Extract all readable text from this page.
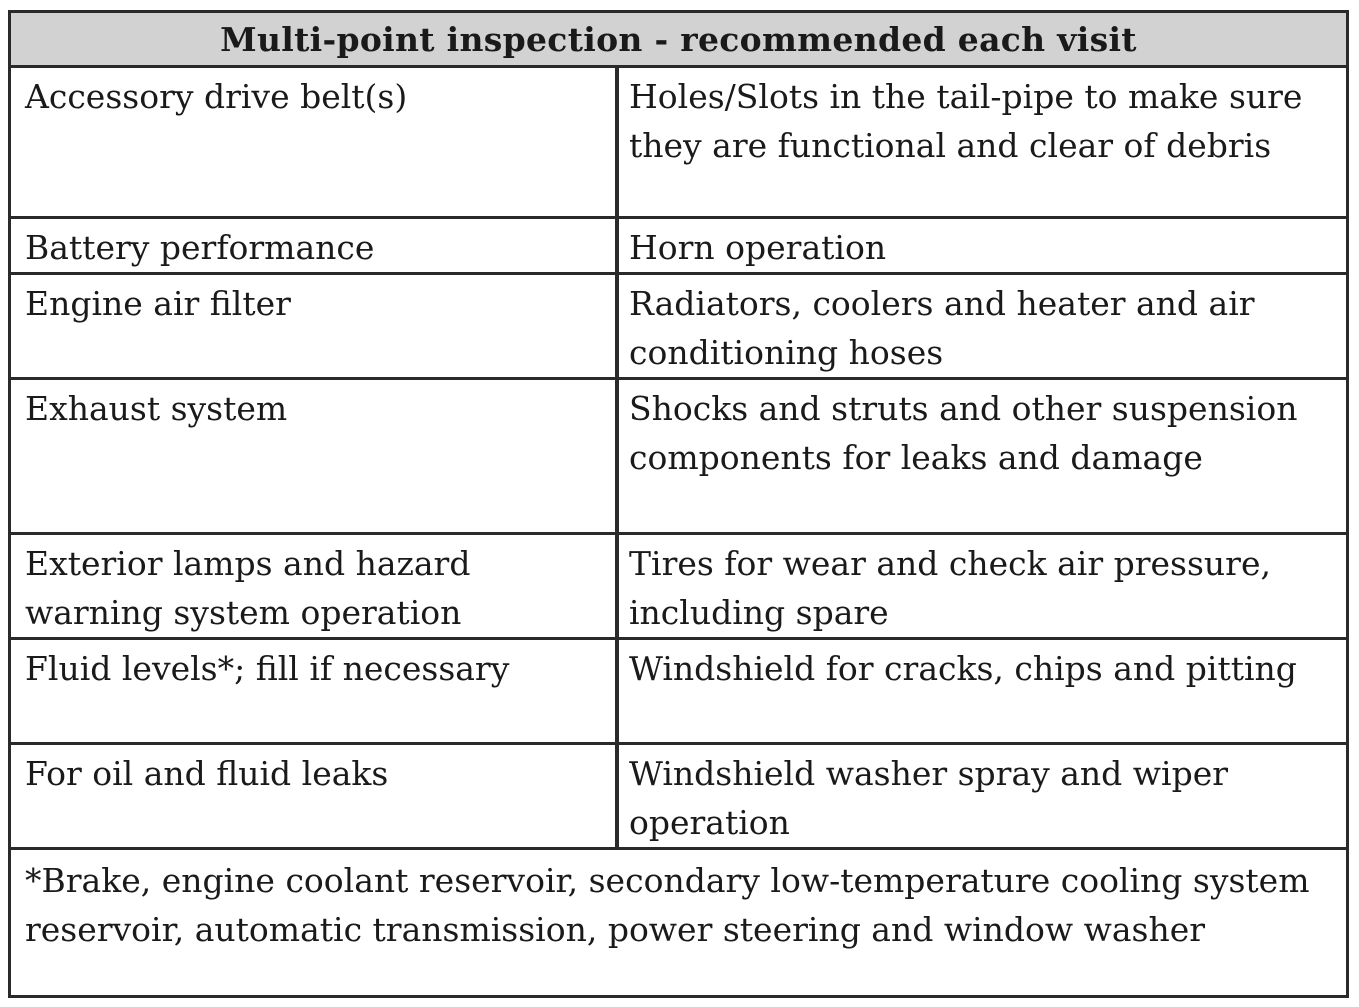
Multi-point inspection - recommended each visit	
Accessory drive belt(s)	Holes/Slots in the tail-pipe to make sure they are functional and clear of debris
Battery performance	Horn operation
Engine air filter	Radiators, coolers and heater and air conditioning hoses
Exhaust system	Shocks and struts and other suspension components for leaks and damage
Exterior lamps and hazard warning system operation	Tires for wear and check air pressure, including spare
Fluid levels*; fill if necessary	Windshield for cracks, chips and pitting
For oil and fluid leaks	Windshield washer spray and wiper operation
*Brake, engine coolant reservoir, secondary low-temperature cooling system reservoir, automatic transmission, power steering and window washer	
